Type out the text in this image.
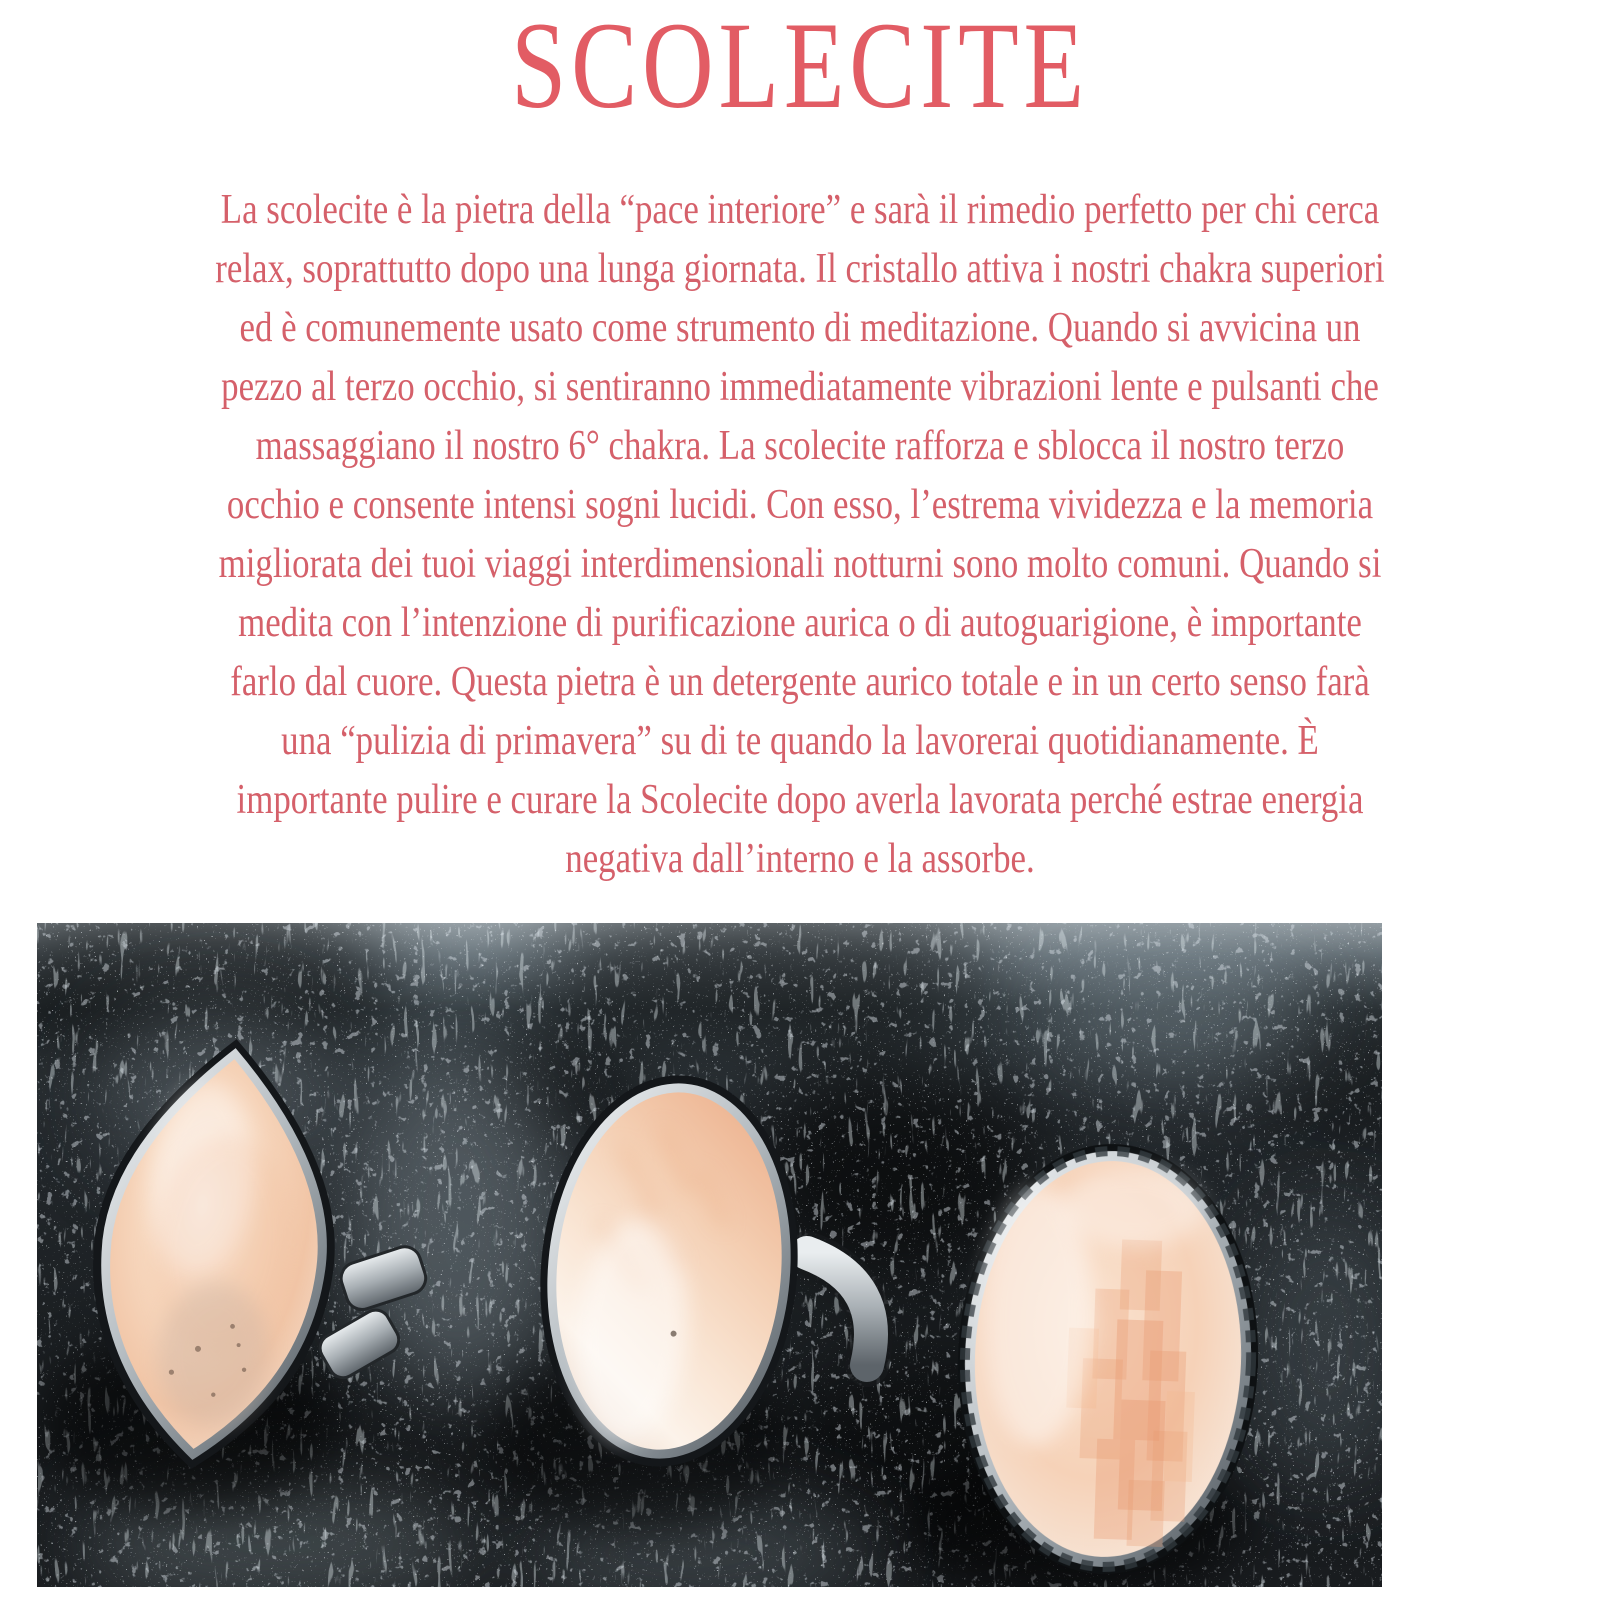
SCOLECITE
La scolecite è la pietra della “pace interiore” e sarà il rimedio perfetto per chi cerca
relax, soprattutto dopo una lunga giornata. Il cristallo attiva i nostri chakra superiori
ed è comunemente usato come strumento di meditazione. Quando si avvicina un
pezzo al terzo occhio, si sentiranno immediatamente vibrazioni lente e pulsanti che
massaggiano il nostro 6° chakra. La scolecite rafforza e sblocca il nostro terzo
occhio e consente intensi sogni lucidi. Con esso, l’estrema vividezza e la memoria
migliorata dei tuoi viaggi interdimensionali notturni sono molto comuni. Quando si
medita con l’intenzione di purificazione aurica o di autoguarigione, è importante
farlo dal cuore. Questa pietra è un detergente aurico totale e in un certo senso farà
una “pulizia di primavera” su di te quando la lavorerai quotidianamente. È
importante pulire e curare la Scolecite dopo averla lavorata perché estrae energia
negativa dall’interno e la assorbe.
